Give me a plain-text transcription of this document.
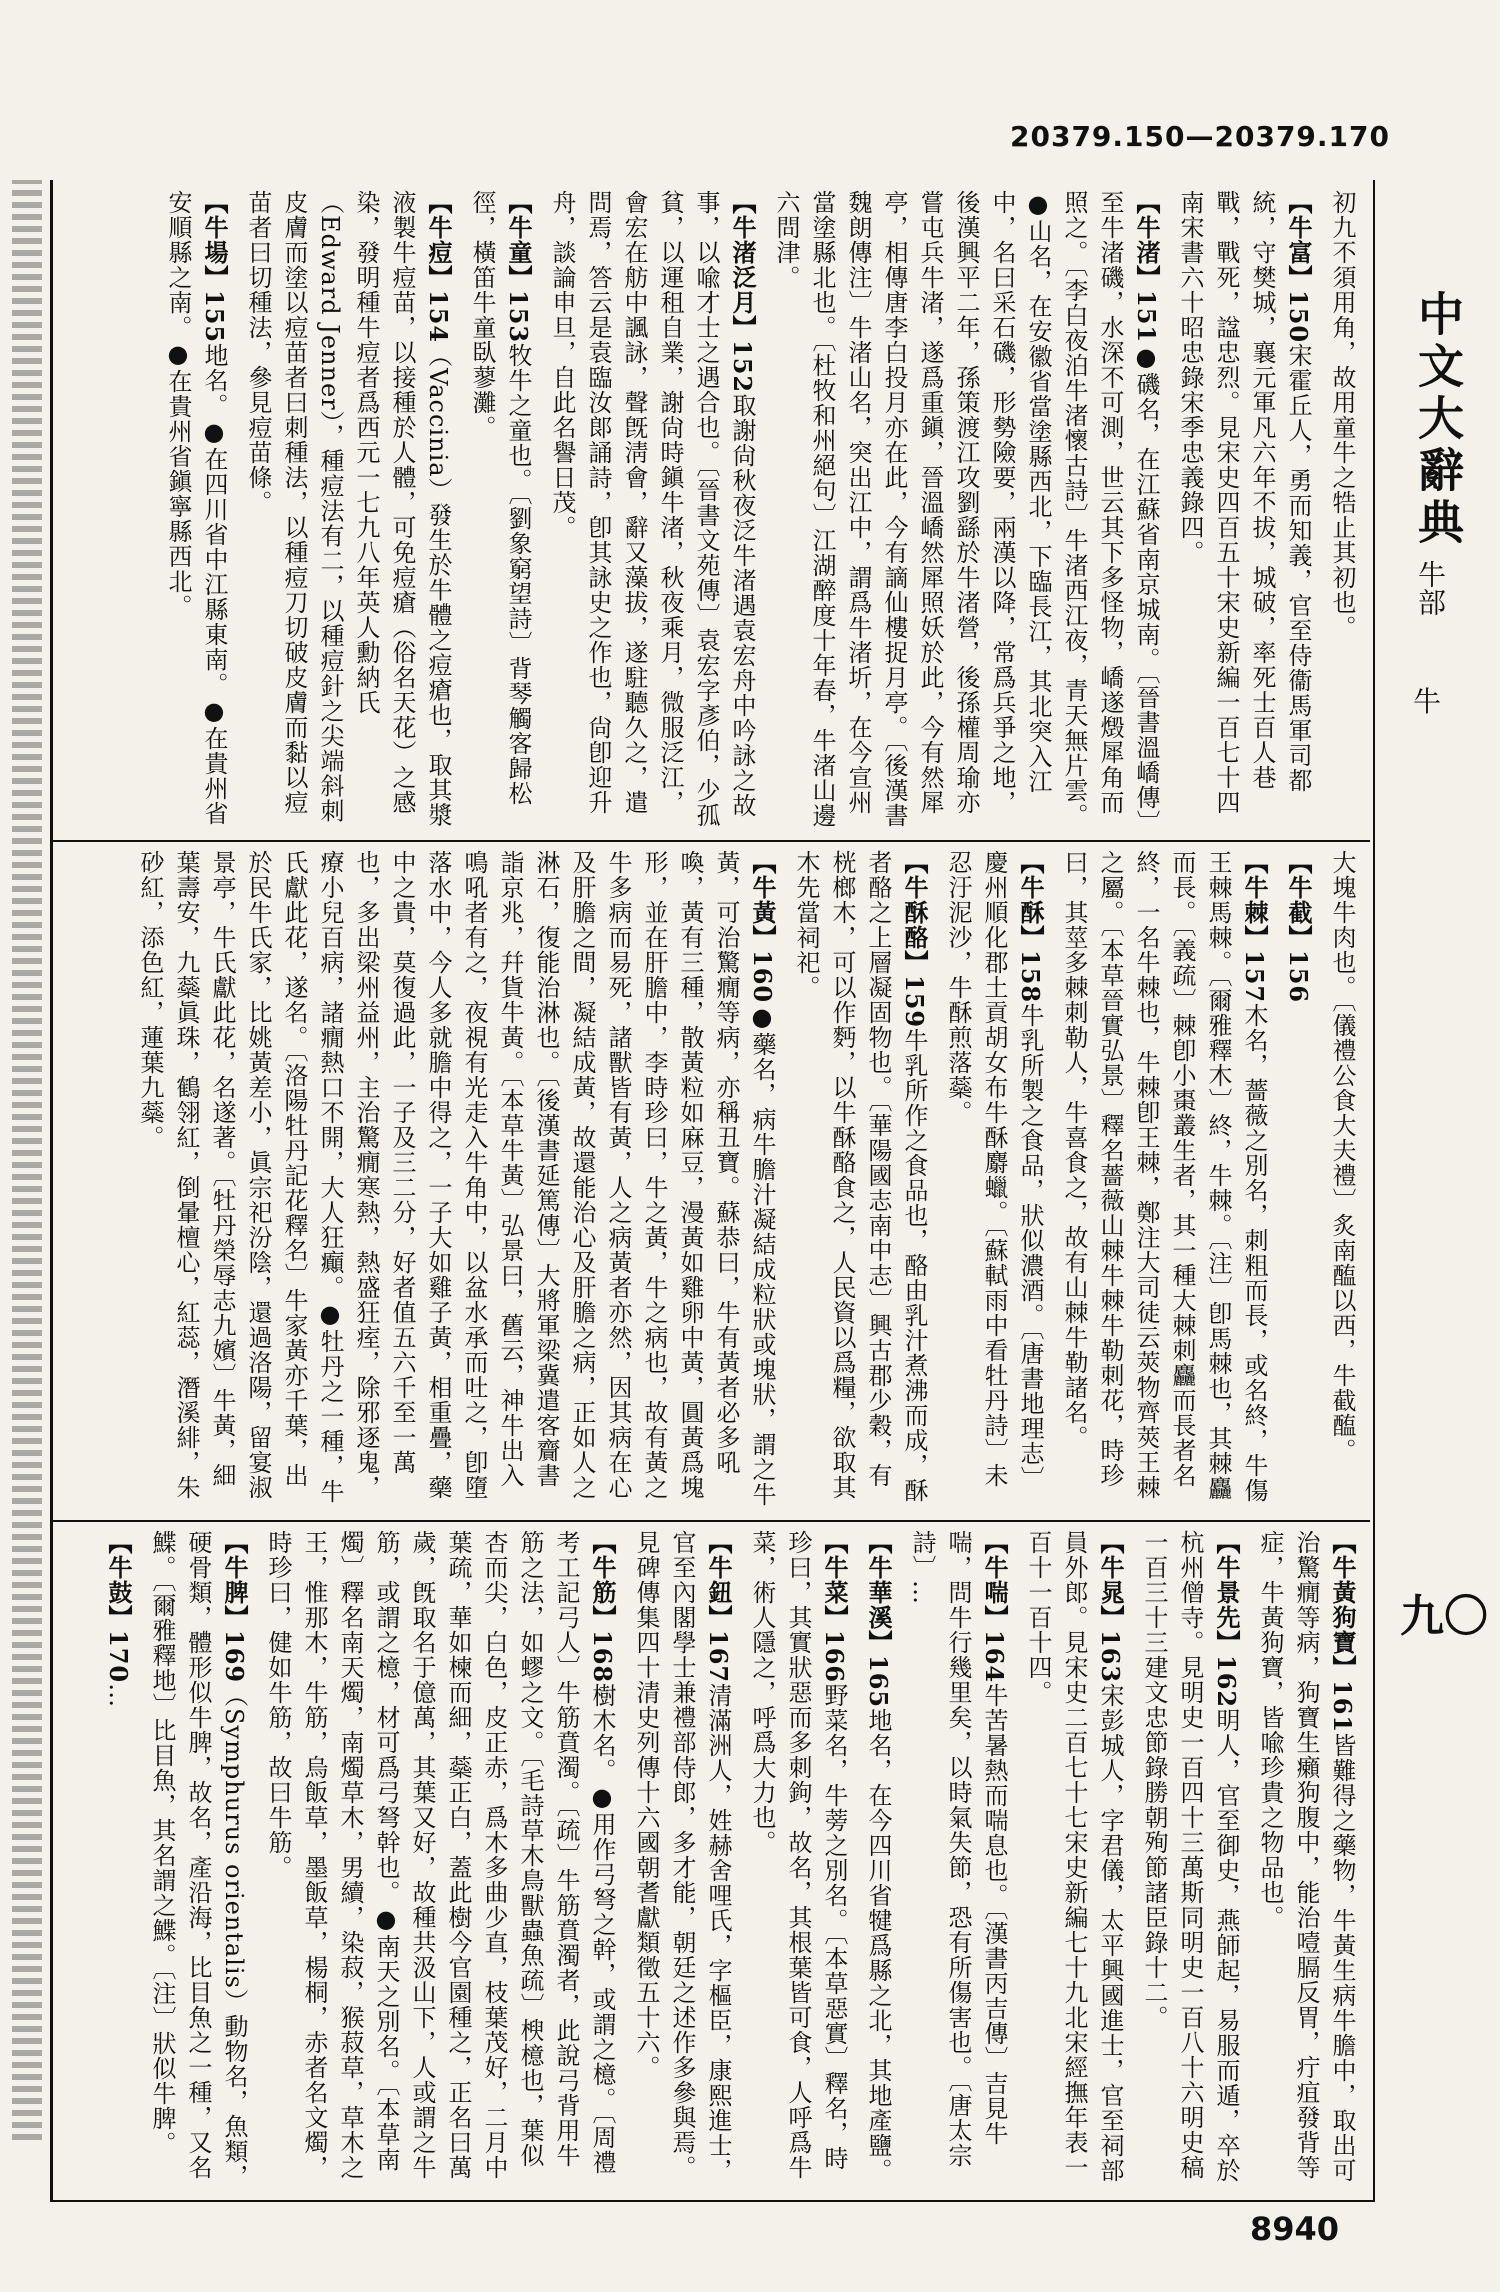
20379.150—20379.170
初九不須用角，故用童牛之牿止其初也。
【牛富】150宋霍丘人，勇而知義，官至侍衞馬軍司都統，守樊城，襄元軍凡六年不拔，城破，率死士百人巷戰，戰死，諡忠烈。見宋史四百五十宋史新編一百七十四南宋書六十昭忠錄宋季忠義錄四。
【牛渚】151●磯名，在江蘇省南京城南。〔晉書溫嶠傳〕至牛渚磯，水深不可測，世云其下多怪物，嶠遂燬犀角而照之。〔李白夜泊牛渚懷古詩〕牛渚西江夜，青天無片雲。●山名，在安徽省當塗縣西北，下臨長江，其北突入江中，名曰采石磯，形勢險要，兩漢以降，常爲兵爭之地，後漢興平二年，孫策渡江攻劉繇於牛渚營，後孫權周瑜亦嘗屯兵牛渚，遂爲重鎭，晉溫嶠然犀照妖於此，今有然犀亭，相傳唐李白投月亦在此，今有謫仙樓捉月亭。〔後漢書魏朗傳注〕牛渚山名，突出江中，謂爲牛渚圻，在今宣州當塗縣北也。〔杜牧和州絕句〕江湖醉度十年春，牛渚山邊六問津。
【牛渚泛月】152取謝尙秋夜泛牛渚遇袁宏舟中吟詠之故事，以喩才士之遇合也。〔晉書文苑傳〕袁宏字彥伯，少孤貧，以運租自業，謝尙時鎭牛渚，秋夜乘月，微服泛江，會宏在舫中諷詠，聲旣淸會，辭又藻拔，遂駐聽久之，遣問焉，答云是袁臨汝郞誦詩，卽其詠史之作也，尙卽迎升舟，談論申旦，自此名譽日茂。
【牛童】153牧牛之童也。〔劉象窮望詩〕背琴觸客歸松徑，橫笛牛童臥蓼灘。
【牛痘】154（Vaccinia）發生於牛體之痘瘡也，取其漿液製牛痘苗，以接種於人體，可免痘瘡（俗名天花）之感染，發明種牛痘者爲西元一七九八年英人勳納氏（Edward Jenner），種痘法有二，以種痘針之尖端斜刺皮膚而塗以痘苗者曰刺種法，以種痘刀切破皮膚而黏以痘苗者曰切種法，參見痘苗條。
【牛場】155地名。●在四川省中江縣東南。●在貴州省安順縣之南。●在貴州省鎭寧縣西北。
大塊牛肉也。〔儀禮公食大夫禮〕炙南醢以西，牛截醢。
【牛截】156
【牛棘】157木名，薔薇之別名，刺粗而長，或名終，牛傷王棘馬棘。〔爾雅釋木〕終，牛棘。〔注〕卽馬棘也，其棘麤而長。〔義疏〕棘卽小棗叢生者，其一種大棘刺麤而長者名終，一名牛棘也，牛棘卽王棘，鄭注大司徒云莢物齊莢王棘之屬。〔本草晉實弘景〕釋名薔薇山棘牛棘牛勒刺花，時珍曰，其莖多棘刺勒人，牛喜食之，故有山棘牛勒諸名。
【牛酥】158牛乳所製之食品，狀似濃酒。〔唐書地理志〕慶州順化郡土貢胡女布牛酥麝蠟。〔蘇軾雨中看牡丹詩〕未忍汙泥沙，牛酥煎落蘂。
【牛酥酪】159牛乳所作之食品也，酪由乳汁煮沸而成，酥者酪之上層凝固物也。〔華陽國志南中志〕興古郡少穀，有桄榔木，可以作麪，以牛酥酪食之，人民資以爲糧，欲取其木先當祠祀。
【牛黃】160●藥名，病牛膽汁凝結成粒狀或塊狀，謂之牛黃，可治驚癇等病，亦稱丑寶。蘇恭曰，牛有黃者必多吼喚，黃有三種，散黃粒如麻豆，漫黃如雞卵中黃，圓黃爲塊形，並在肝膽中，李時珍曰，牛之黃，牛之病也，故有黃之牛多病而易死，諸獸皆有黃，人之病黃者亦然，因其病在心及肝膽之間，凝結成黃，故還能治心及肝膽之病，正如人之淋石，復能治淋也。〔後漢書延篤傳〕大將軍梁冀遣客齎書詣京兆，幷貨牛黃。〔本草牛黃〕弘景曰，舊云，神牛出入鳴吼者有之，夜視有光走入牛角中，以盆水承而吐之，卽墮落水中，今人多就膽中得之，一子大如雞子黃，相重疊，藥中之貴，莫復過此，一子及三二分，好者值五六千至一萬也，多出梁州益州，主治驚癇寒熱，熱盛狂痓，除邪逐鬼，療小兒百病，諸癇熱口不開，大人狂癲。●牡丹之一種，牛氏獻此花，遂名。〔洛陽牡丹記花釋名〕牛家黃亦千葉，出於民牛氏家，比姚黃差小，眞宗祀汾陰，還過洛陽，留宴淑景亭，牛氏獻此花，名遂著。〔牡丹榮辱志九嬪〕牛黃，細葉壽安，九蘂眞珠，鶴翎紅，倒暈檀心，紅蕊，潛溪緋，朱砂紅，添色紅，蓮葉九蘂。
【牛黃狗寶】161皆難得之藥物，牛黃生病牛膽中，取出可治驚癇等病，狗寶生癩狗腹中，能治噎膈反胃，疔疽發背等症，牛黃狗寶，皆喩珍貴之物品也。
【牛景先】162明人，官至御史，燕師起，易服而遁，卒於杭州僧寺。見明史一百四十三萬斯同明史一百八十六明史稿一百三十三建文忠節錄勝朝殉節諸臣錄十二。
【牛晁】163宋彭城人，字君儀，太平興國進士，官至祠部員外郎。見宋史二百七十七宋史新編七十九北宋經撫年表一百十一百十四。
【牛喘】164牛苦暑熱而喘息也。〔漢書丙吉傳〕吉見牛喘，問牛行幾里矣，以時氣失節，恐有所傷害也。〔唐太宗詩〕…
【牛華溪】165地名，在今四川省犍爲縣之北，其地產鹽。
【牛菜】166野菜名，牛蒡之別名。〔本草惡實〕釋名，時珍曰，其實狀惡而多刺鉤，故名，其根葉皆可食，人呼爲牛菜，術人隱之，呼爲大力也。
【牛鈕】167清滿洲人，姓赫舍哩氏，字樞臣，康熙進士，官至內閣學士兼禮部侍郎，多才能，朝廷之述作多參與焉。見碑傳集四十清史列傳十六國朝耆獻類徵五十六。
【牛筋】168樹木名。●用作弓弩之幹，或謂之檍。〔周禮考工記弓人〕牛筋賁濁。〔疏〕牛筋賁濁者，此說弓背用牛筋之法，如蟉之文。〔毛詩草木鳥獸蟲魚疏〕楰檍也，葉似杏而尖，白色，皮正赤，爲木多曲少直，枝葉茂好，二月中葉疏，華如楝而細，蘂正白，蓋此樹今官園種之，正名曰萬歲，旣取名于億萬，其葉又好，故種共汲山下，人或謂之牛筋，或謂之檍，材可爲弓弩幹也。●南天之別名。〔本草南燭〕釋名南天燭，南燭草木，男續，染菽，猴菽草，草木之王，惟那木，牛筋，烏飯草，墨飯草，楊桐，赤者名文燭，時珍曰，健如牛筋，故曰牛筋。
【牛脾】169（Symphurus orientalis）動物名，魚類，硬骨類，體形似牛脾，故名，產沿海，比目魚之一種，又名鰈。〔爾雅釋地〕比目魚，其名謂之鰈。〔注〕狀似牛脾。
【牛鼓】170…
中文大辭典
牛部
牛
九〇
8940
